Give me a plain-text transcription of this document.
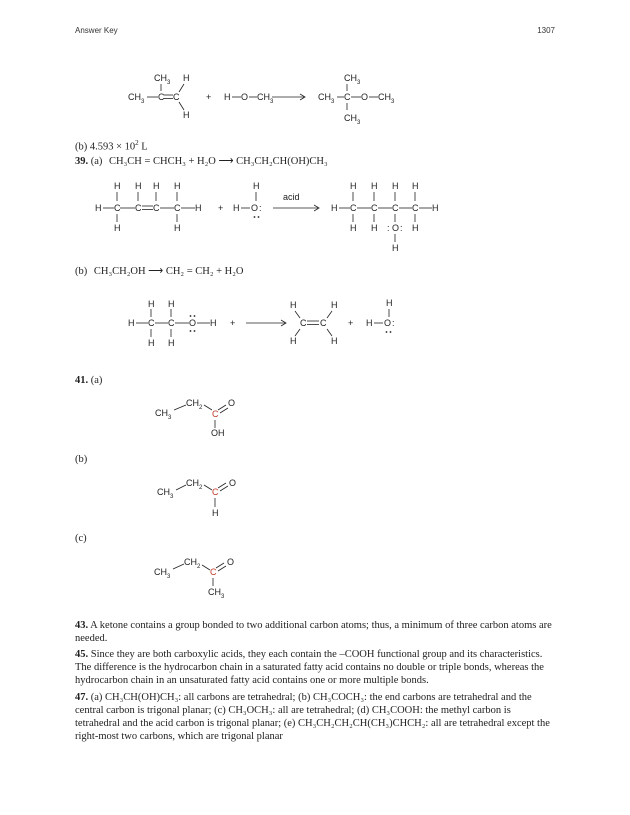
Answer Key	1307
$CH_3$ C C
$CH_3$ H
H
+ H O $CH_3$	$CH_3$ C
$CH_3$
$CH_3$
O $CH_3$
H C C C C H
H H H H
H	H
+ H O :
H
acid
H C C C C H
H H H H
H H	H
: O :
H
H C C O H
H H
H H
+	C C
H
H
H
H
+ H O :
H
$CH_3$
$CH_2$
C
O
OH
$CH_3$
$CH_2$ C
O
H
$CH_3$
$CH_2$ C
O
$CH_3$
(b) $4.593 \times 10^2$ L
39. (a) CH₃CH = CHCH₃ + H₂O ⟶ CH₃CH₂CH(OH)CH₃
(b) CH₃CH₂OH ⟶ CH₂ = CH₂ + H₂O
41. (a)
(b)
(c)
43. A ketone contains a group bonded to two additional carbon atoms; thus, a minimum of three carbon atoms are needed.
45. Since they are both carboxylic acids, they each contain the –COOH functional group and its characteristics. The difference is the hydrocarbon chain in a saturated fatty acid contains no double or triple bonds, whereas the hydrocarbon chain in an unsaturated fatty acid contains one or more multiple bonds.
47. (a) CH₃CH(OH)CH₃: all carbons are tetrahedral; (b) CH₃COCH₃: the end carbons are tetrahedral and the central carbon is trigonal planar; (c) CH₃OCH₃: all are tetrahedral; (d) CH₃COOH: the methyl carbon is tetrahedral and the acid carbon is trigonal planar; (e) CH₃CH₂CH₂CH(CH₃)CHCH₂: all are tetrahedral except the right-most two carbons, which are trigonal planar
